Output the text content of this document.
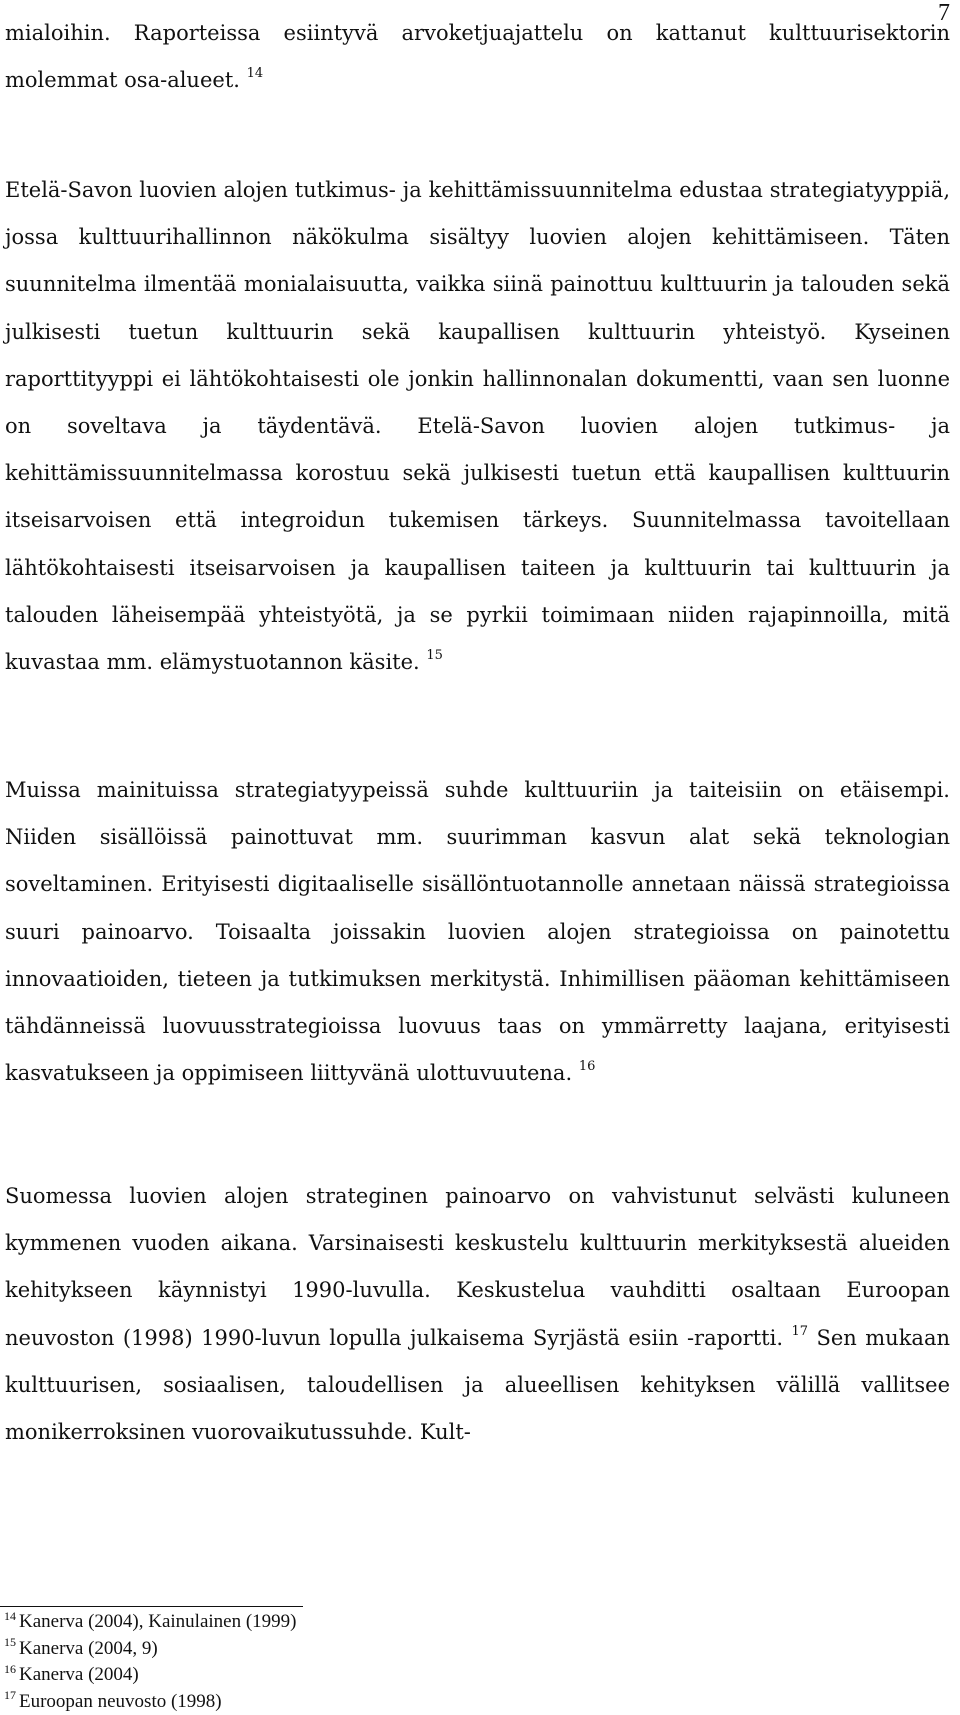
7

mialoihin. Raporteissa esiintyvä arvoketjuajattelu on kattanut kulttuurisektorin molemmat osa-alueet. $^{14}$

Etelä-Savon luovien alojen tutkimus- ja kehittämissuunnitelma edustaa strategiatyyppiä, jossa kulttuurihallinnon näkökulma sisältyy luovien alojen kehittämiseen. Täten suunnitelma ilmentää monialaisuutta, vaikka siinä painottuu kulttuurin ja talouden sekä julkisesti tuetun kulttuurin sekä kaupallisen kulttuurin yhteistyö. Kyseinen raporttityyppi ei lähtökohtaisesti ole jonkin hallinnonalan dokumentti, vaan sen luonne on soveltava ja täydentävä. Etelä-Savon luovien alojen tutkimus- ja kehittämissuunnitelmassa korostuu sekä julkisesti tuetun että kaupallisen kulttuurin itseisarvoisen että integroidun tukemisen tärkeys. Suunnitelmassa tavoitellaan lähtökohtaisesti itseisarvoisen ja kaupallisen taiteen ja kulttuurin tai kulttuurin ja talouden läheisempää yhteistyötä, ja se pyrkii toimimaan niiden rajapinnoilla, mitä kuvastaa mm. elämystuotannon käsite. $^{15}$

Muissa mainituissa strategiatyypeissä suhde kulttuuriin ja taiteisiin on etäisempi. Niiden sisällöissä painottuvat mm. suurimman kasvun alat sekä teknologian soveltaminen. Erityisesti digitaaliselle sisällöntuotannolle annetaan näissä strategioissa suuri painoarvo. Toisaalta joissakin luovien alojen strategioissa on painotettu innovaatioiden, tieteen ja tutkimuksen merkitystä. Inhimillisen pääoman kehittämiseen tähdänneissä luovuusstrategioissa luovuus taas on ymmärretty laajana, erityisesti kasvatukseen ja oppimiseen liittyvänä ulottuvuutena. $^{16}$

Suomessa luovien alojen strateginen painoarvo on vahvistunut selvästi kuluneen kymmenen vuoden aikana. Varsinaisesti keskustelu kulttuurin merkityksestä alueiden kehitykseen käynnistyi 1990-luvulla. Keskustelua vauhditti osaltaan Euroopan neuvoston (1998) 1990-luvun lopulla julkaisema Syrjästä esiin -raportti. $^{17}$ Sen mukaan kulttuurisen, sosiaalisen, taloudellisen ja alueellisen kehityksen välillä vallitsee monikerroksinen vuorovaikutussuhde. Kult-

$^{14}$ Kanerva (2004), Kainulainen (1999)
$^{15}$ Kanerva (2004, 9)
$^{16}$ Kanerva (2004)
$^{17}$ Euroopan neuvosto (1998)
